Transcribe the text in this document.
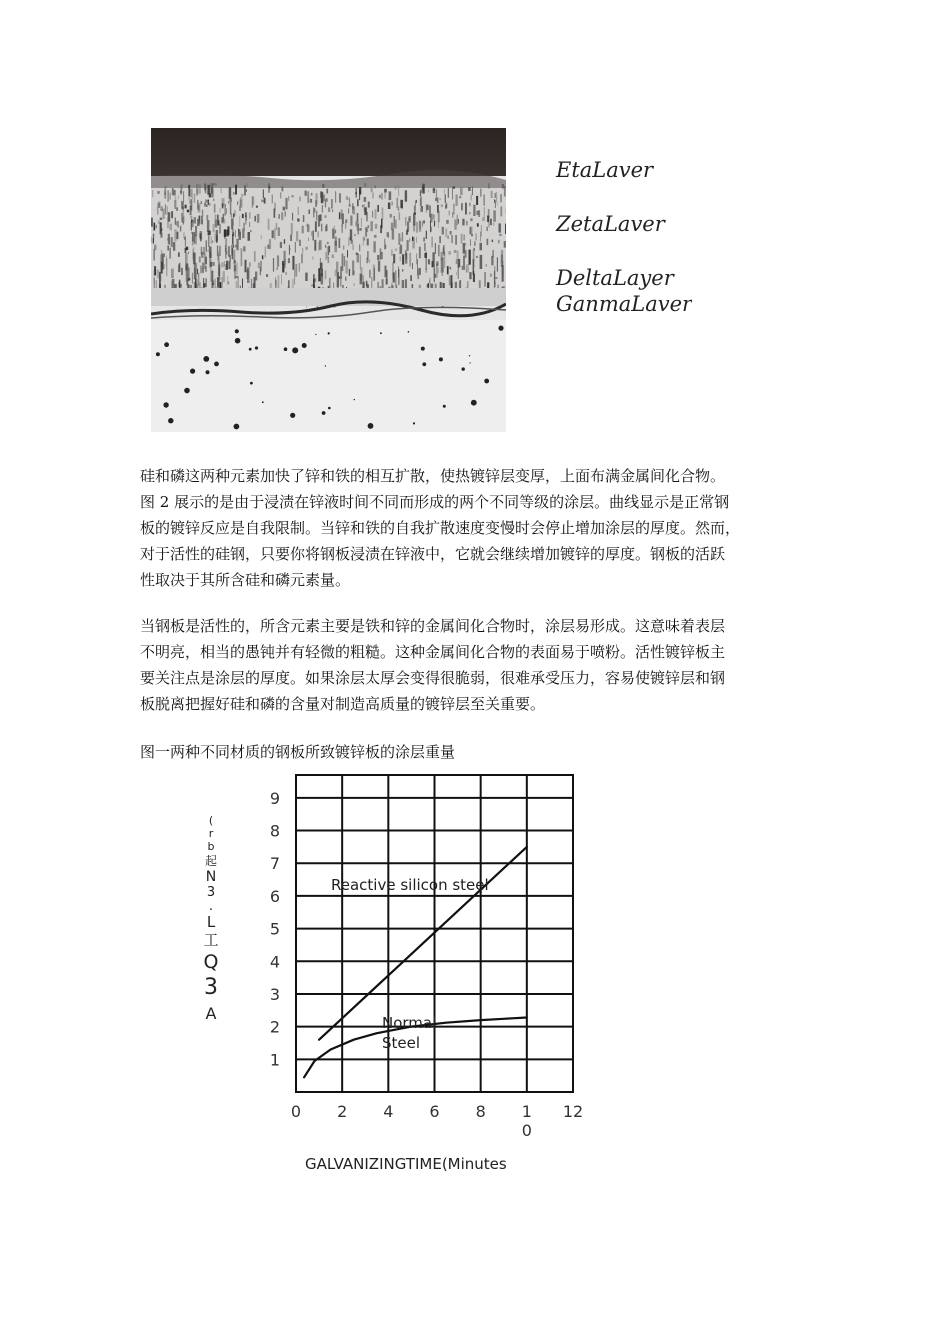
EtaLaver
ZetaLaver
DeltaLayer
GanmaLaver

硅和磷这两种元素加快了锌和铁的相互扩散，使热镀锌层变厚，上面布满金属间化合物。
图 2 展示的是由于浸渍在锌液时间不同而形成的两个不同等级的涂层。曲线显示是正常钢
板的镀锌反应是自我限制。当锌和铁的自我扩散速度变慢时会停止增加涂层的厚度。然而，
对于活性的硅钢，只要你将钢板浸渍在锌液中，它就会继续增加镀锌的厚度。钢板的活跃
性取决于其所含硅和磷元素量。

当钢板是活性的，所含元素主要是铁和锌的金属间化合物时，涂层易形成。这意味着表层
不明亮，相当的愚钝并有轻微的粗糙。这种金属间化合物的表面易于喷粉。活性镀锌板主
要关注点是涂层的厚度。如果涂层太厚会变得很脆弱，很难承受压力，容易使镀锌层和钢
板脱离把握好硅和磷的含量对制造高质量的镀锌层至关重要。

图一两种不同材质的钢板所致镀锌板的涂层重量
(
r
b
起
N
3
.
L
工
Q
3
A
0 2 4 6 8 1
0
12
1
2
3
4
5
6
7
8
9
Reactive silicon steel
Normal
Steel
GALVANIZINGTIME(Minutes
